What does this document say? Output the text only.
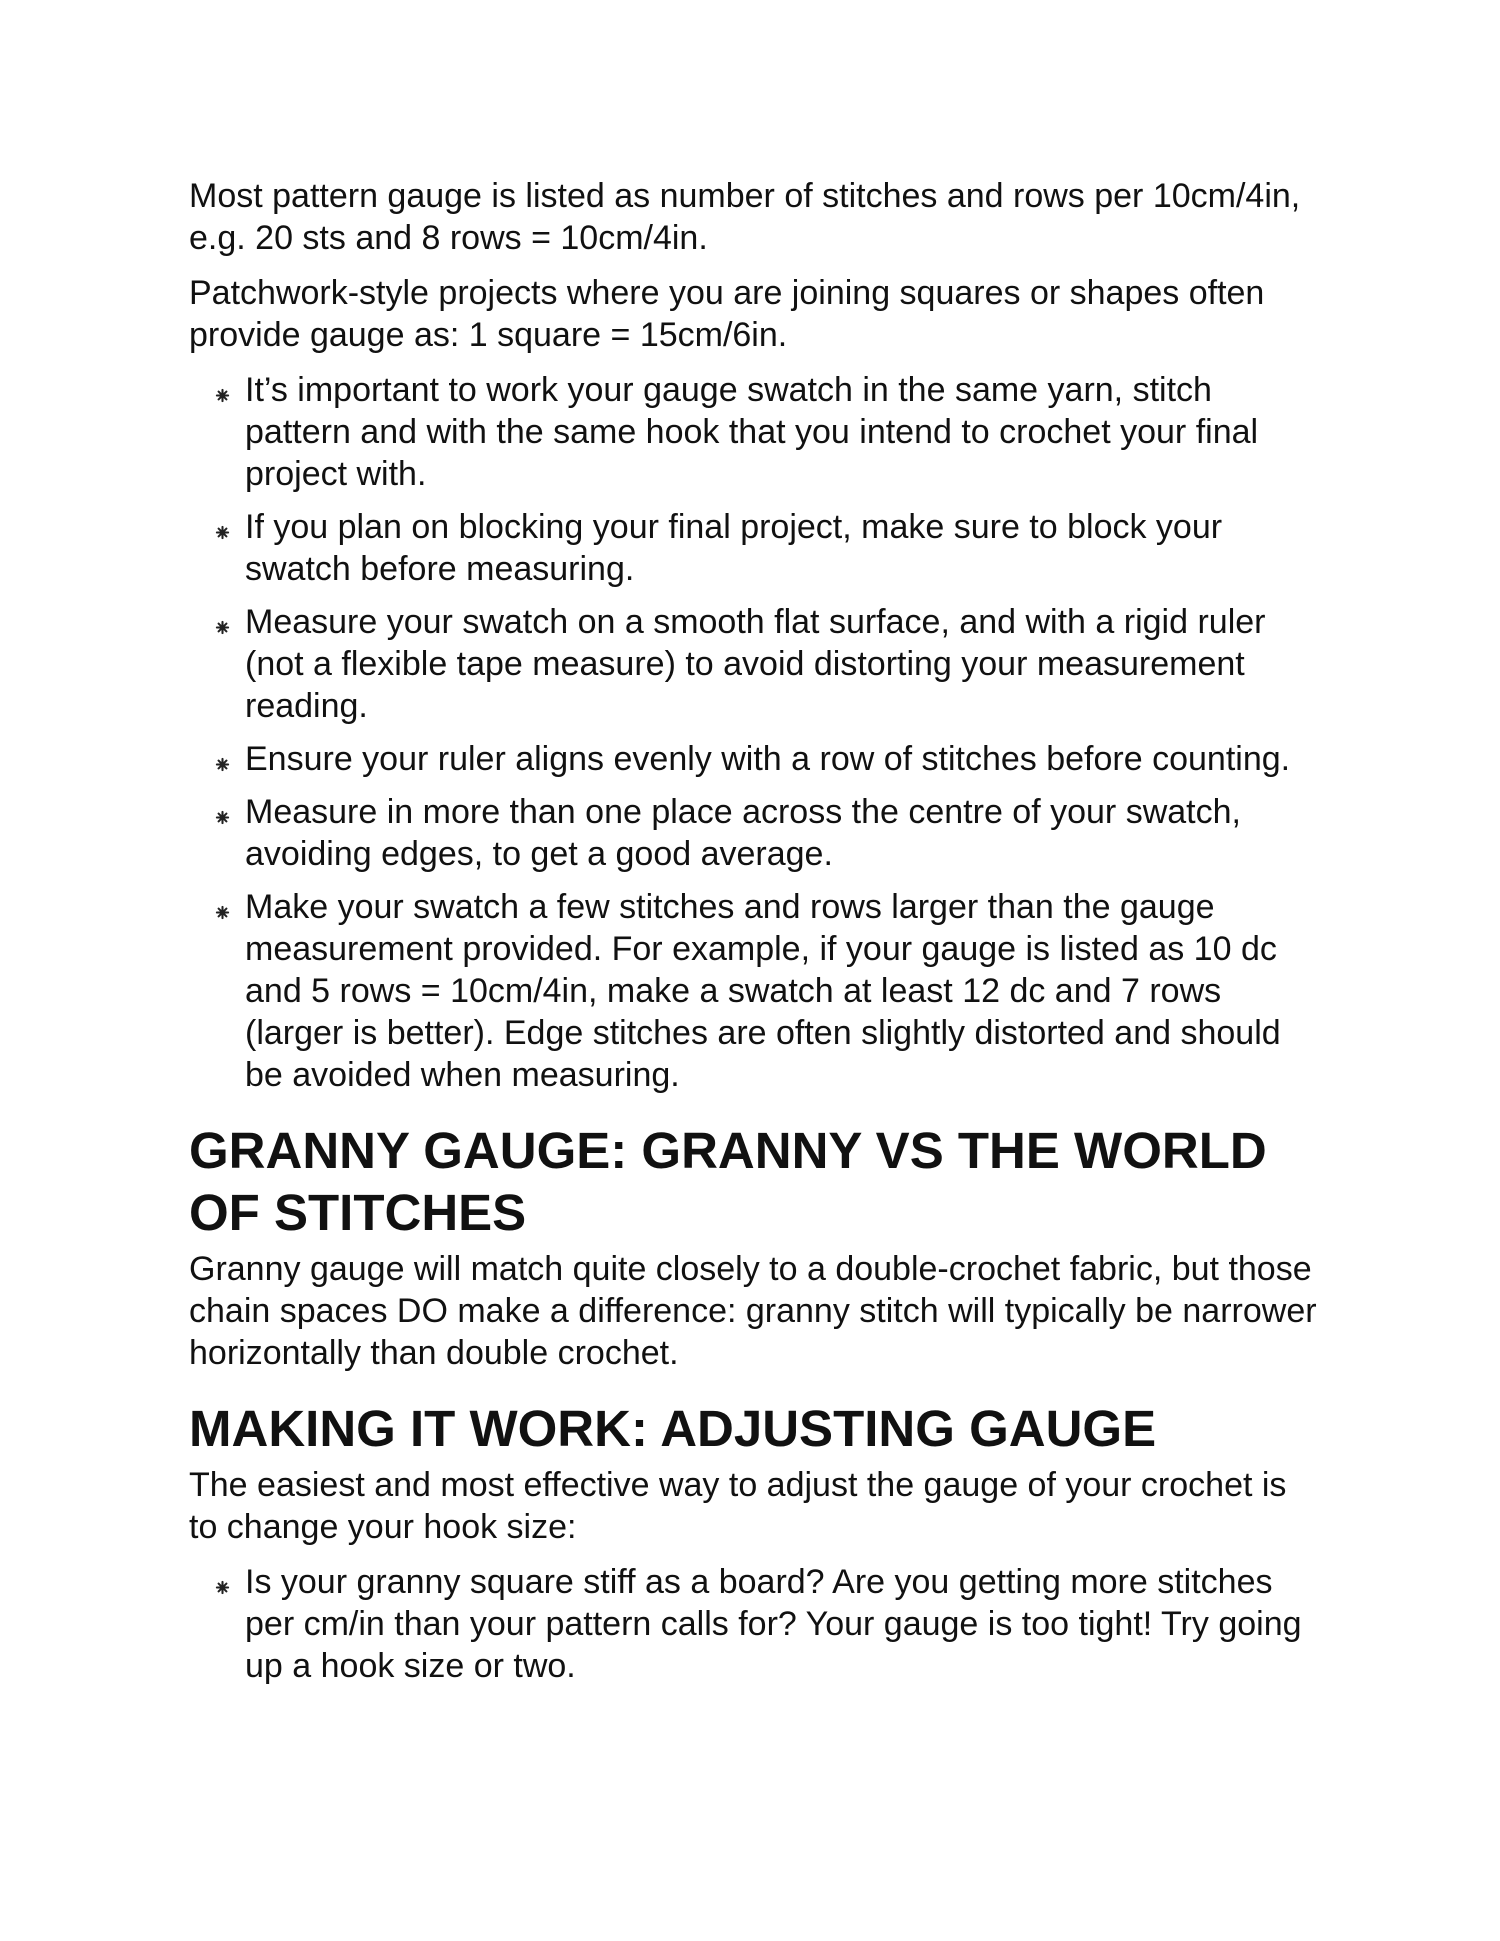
Most pattern gauge is listed as number of stitches and rows per 10cm/4in, e.g. 20 sts and 8 rows = 10cm/4in.

Patchwork-style projects where you are joining squares or shapes often provide gauge as: 1 square = 15cm/6in.

It’s important to work your gauge swatch in the same yarn, stitch pattern and with the same hook that you intend to crochet your final project with.
If you plan on blocking your final project, make sure to block your swatch before measuring.
Measure your swatch on a smooth flat surface, and with a rigid ruler (not a flexible tape measure) to avoid distorting your measurement reading.
Ensure your ruler aligns evenly with a row of stitches before counting.
Measure in more than one place across the centre of your swatch, avoiding edges, to get a good average.
Make your swatch a few stitches and rows larger than the gauge measurement provided. For example, if your gauge is listed as 10 dc and 5 rows = 10cm/4in, make a swatch at least 12 dc and 7 rows (larger is better). Edge stitches are often slightly distorted and should be avoided when measuring.
GRANNY GAUGE: GRANNY VS THE WORLD OF STITCHES

Granny gauge will match quite closely to a double-crochet fabric, but those chain spaces DO make a difference: granny stitch will typically be narrower horizontally than double crochet.

MAKING IT WORK: ADJUSTING GAUGE

The easiest and most effective way to adjust the gauge of your crochet is to change your hook size:

Is your granny square stiff as a board? Are you getting more stitches per cm/in than your pattern calls for? Your gauge is too tight! Try going up a hook size or two.
